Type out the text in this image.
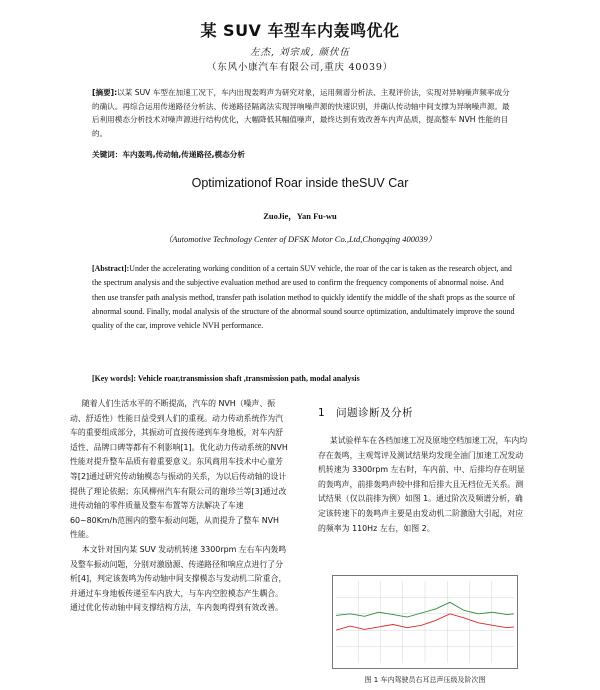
某 SUV 车型车内轰鸣优化
左杰, 刘宗成, 颜伏伍
（东风小康汽车有限公司,重庆 40039）
[摘要]:以某 SUV 车型在加速工况下，车内出现轰鸣声为研究对象，运用频谱分析法、主观评价法，实现对异响噪声频率成分的确认。再综合运用传递路径分析法、传递路径隔离法实现异响噪声源的快速识别，并确认传动轴中间支撑为异响噪声源。最后利用模态分析技术对噪声源进行结构优化，大幅降低其幅值噪声，最终达到有效改善车内声品质，提高整车 NVH 性能的目的。
关键词：车内轰鸣,传动轴,传递路径,模态分析
Optimizationof Roar inside theSUV Car
ZuoJie，Yan Fu-wu
（Automotive Technology Center of DFSK Motor Co.,Ltd,Chongqing 400039）
[Abstract]:Under the accelerating working condition of a certain SUV vehicle, the roar of the car is taken as the research object, and the spectrum analysis and the subjective evaluation method are used to confirm the frequency components of abnormal noise. And then use transfer path analysis method, transfer path isolation method to quickly identify the middle of the shaft props as the source of abnormal sound. Finally, modal analysis of the structure of the abnormal sound source optimization, andultimately improve the sound quality of the car, improve vehicle NVH performance.
[Key words]: Vehicle roar,transmission shaft ,transmission path, modal analysis

随着人们生活水平的不断提高，汽车的 NVH（噪声、振动、舒适性）性能日益受到人们的重视。动力传动系统作为汽车的重要组成部分，其振动可直接传递到车身地板，对车内舒适性、品牌口碑等都有不利影响[1]。优化动力传动系统的NVH性能对提升整车品质有着重要意义。东风商用车技术中心童芳等[2]通过研究传动轴模态与振动的关系，为以后传动轴的设计提供了理论依据；东风柳州汽车有限公司的谢珍兰等[3]通过改进传动轴的零件质量及整车布置等方法解决了车速60~80Km/h范围内的整车振动问题，从而提升了整车 NVH 性能。

本文针对国内某 SUV 发动机转速 3300rpm 左右车内轰鸣及整车振动问题，分别对激励源、传递路径和响应点进行了分析[4]，判定该轰鸣为传动轴中间支撑模态与发动机二阶重合，并通过车身地板传递至车内放大，与车内空腔模态产生耦合。通过优化传动轴中间支撑结构方法，车内轰鸣得到有效改善。

1　问题诊断及分析

某试验样车在各档加速工况及原地空档加速工况，车内均存在轰鸣，主观驾评及测试结果均发现全油门加速工况发动机转速为 3300rpm 左右时，车内前、中、后排均存在明显的轰鸣声，前排轰鸣声较中排和后排大且无档位无关系。测试结果（仅以前排为例）如图 1。通过阶次及频谱分析，确定该转速下的轰鸣声主要是由发动机二阶激励大引起，对应的频率为 110Hz 左右，如图 2。

图 1 车内驾驶员右耳总声压级及阶次图
